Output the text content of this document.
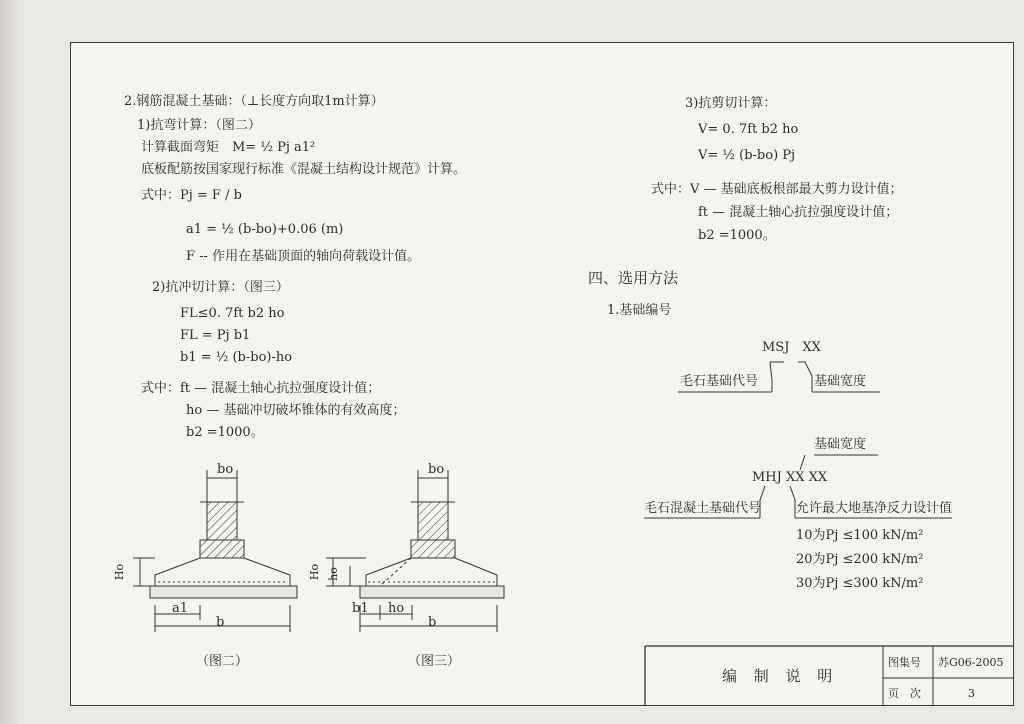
2.钢筋混凝土基础：（⊥长度方向取1m计算）
1)抗弯计算：（图二）
计算截面弯矩　M= ½ Pj a1²
底板配筋按国家现行标准《混凝土结构设计规范》计算。
式中：Pj = F / b
a1 = ½ (b-bo)+0.06 (m)
F -- 作用在基础顶面的轴向荷载设计值。
2)抗冲切计算：（图三）
FL≤0. 7ft b2 ho
FL = Pj b1
b1 = ½ (b-bo)-ho
式中：ft — 混凝土轴心抗拉强度设计值；
ho — 基础冲切破坏锥体的有效高度；
b2 =1000。
bo
Ho
a1
b
（图二）
bo
Ho ho
b1 ho
b
（图三）
3)抗剪切计算：
V= 0. 7ft b2 ho
V= ½ (b-bo) Pj
式中：V — 基础底板根部最大剪力设计值；
ft — 混凝土轴心抗拉强度设计值；
b2 =1000。
四、选用方法
1.基础编号
MSJ　XX
毛石基础代号	基础宽度
基础宽度
MHJ XX XX
毛石混凝土基础代号	允许最大地基净反力设计值
10为Pj ≤100 kN/m²
20为Pj ≤200 kN/m²
30为Pj ≤300 kN/m²
编 制 说 明
图集号 苏G06-2005
页　次	3
